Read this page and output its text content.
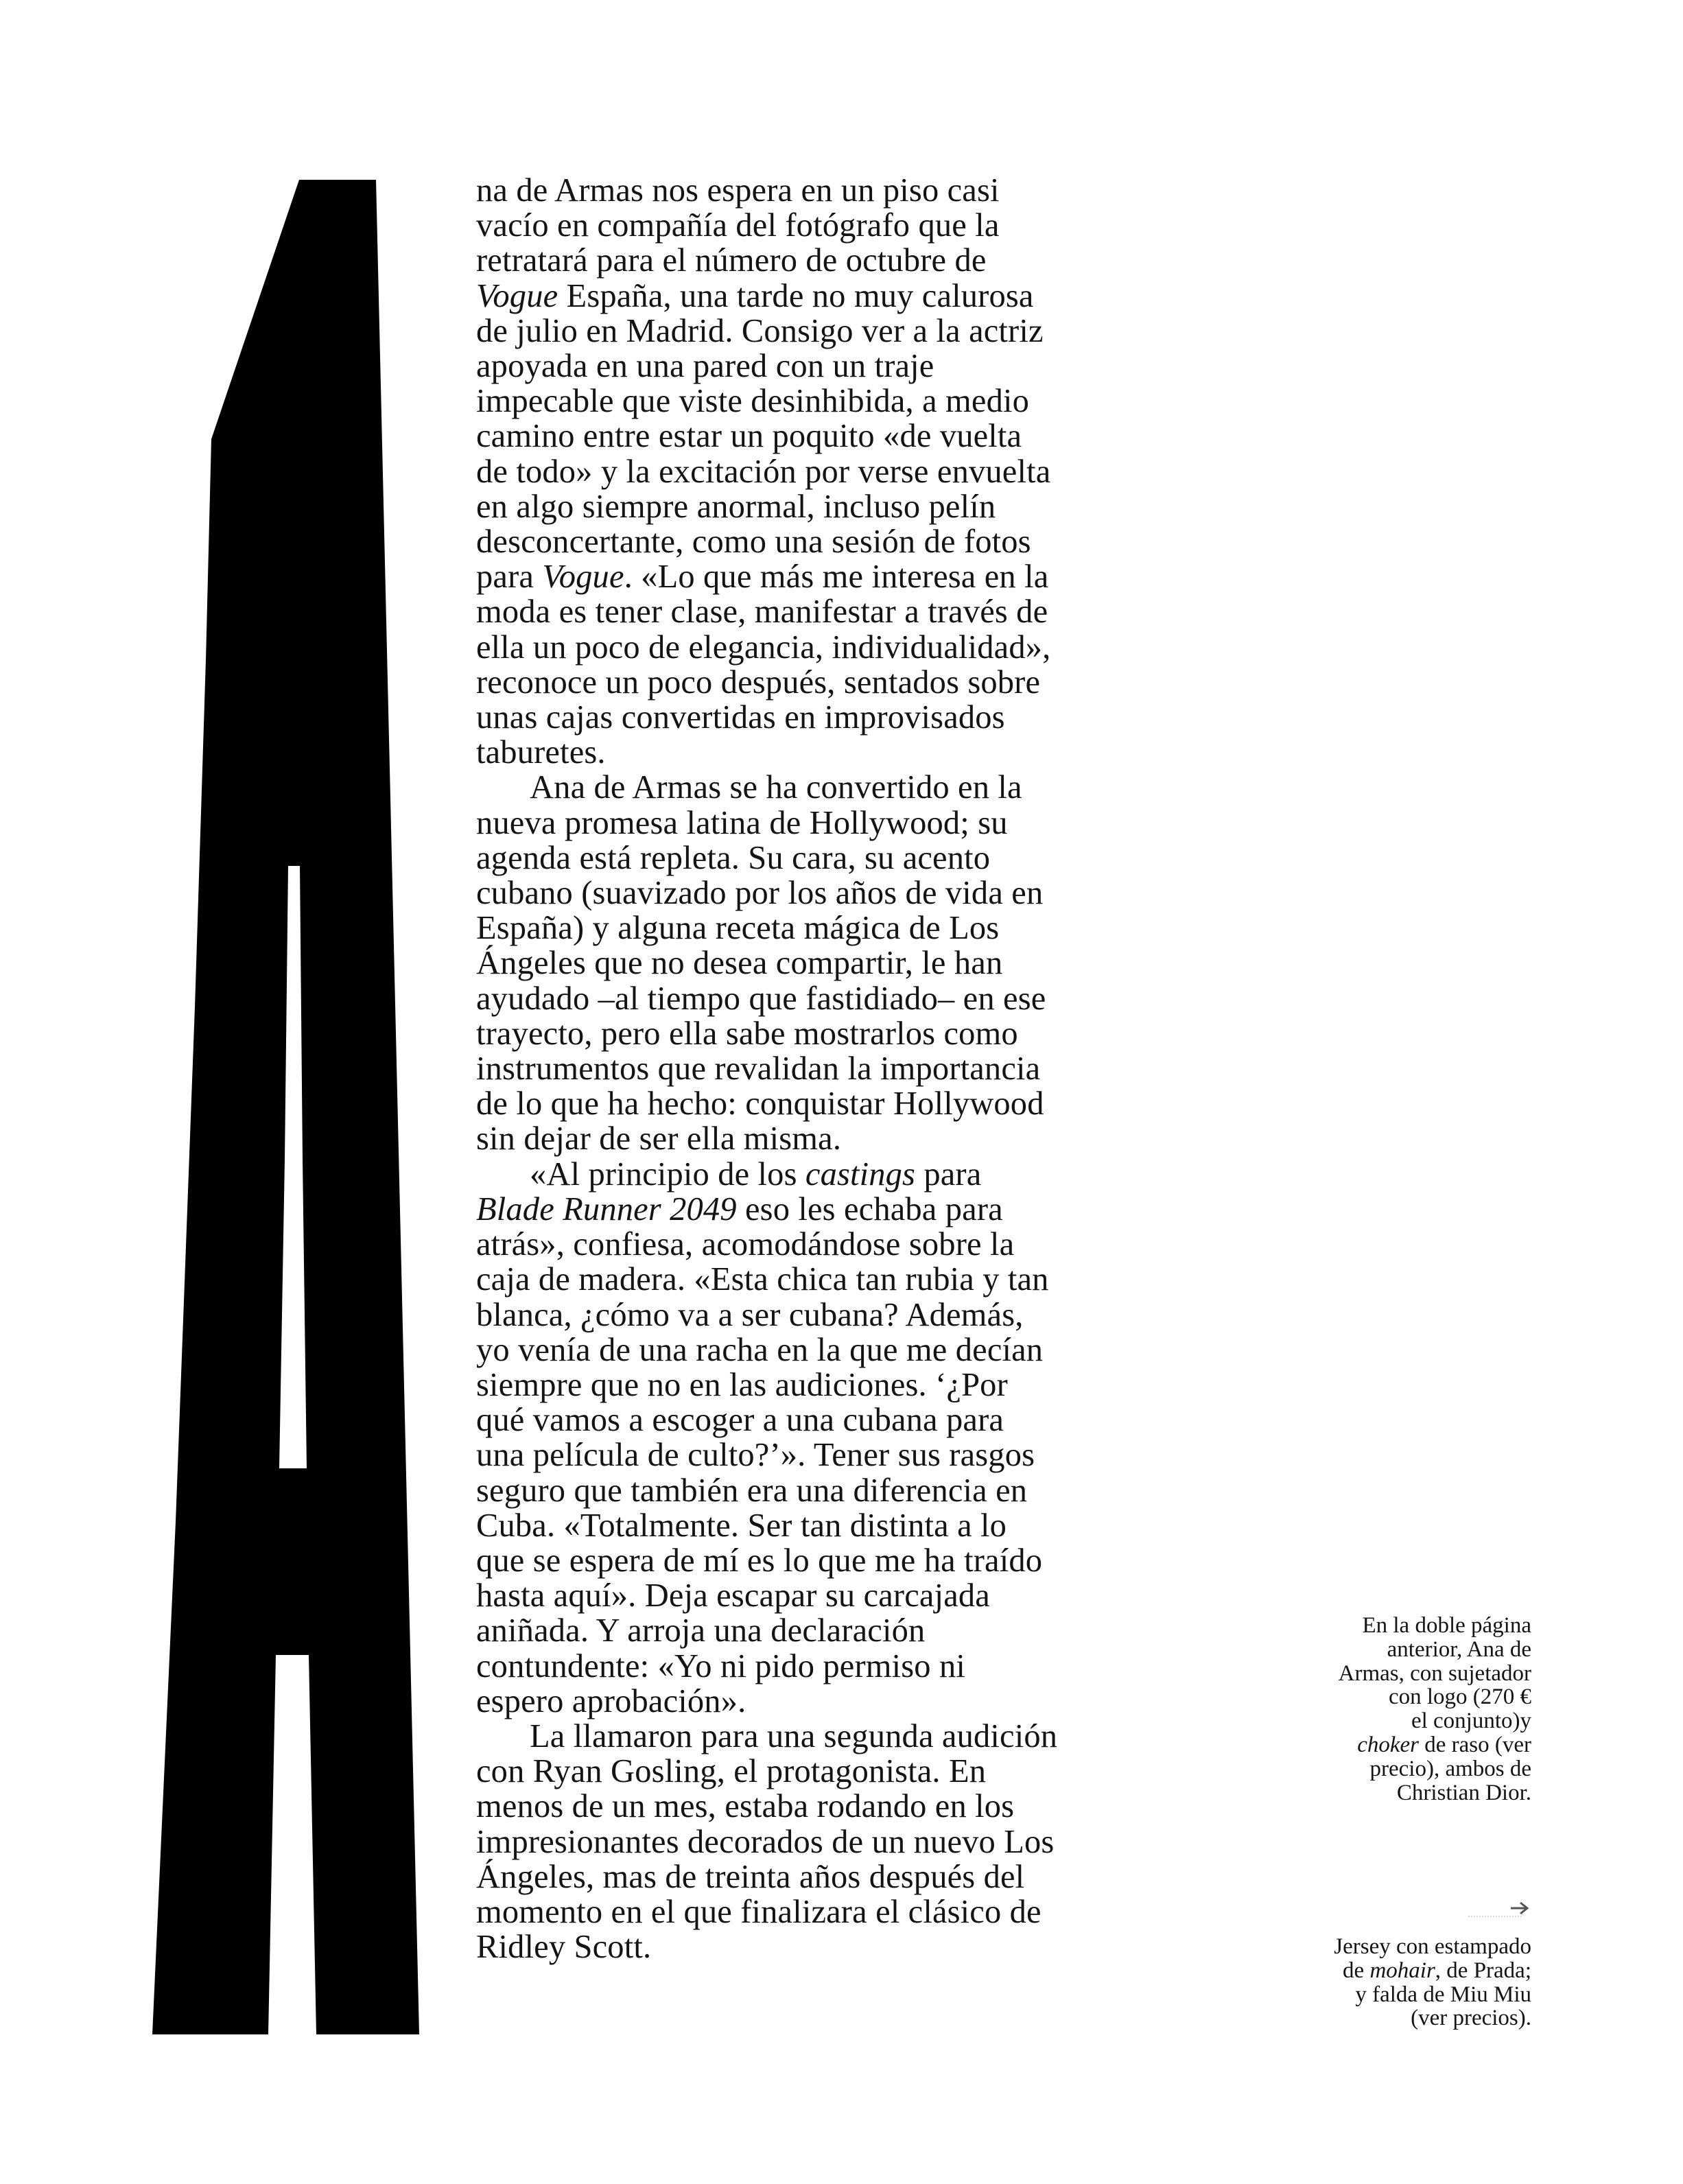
na de Armas nos espera en un piso casi vacío en compañía del fotógrafo que la retratará para el número de octubre de Vogue España, una tarde no muy calurosa de julio en Madrid. Consigo ver a la actriz apoyada en una pared con un traje impecable que viste desinhibida, a medio camino entre estar un poquito «de vuelta de todo» y la excitación por verse envuelta en algo siempre anormal, incluso pelín desconcertante, como una sesión de fotos para Vogue. «Lo que más me interesa en la moda es tener clase, manifestar a través de ella un poco de elegancia, individualidad», reconoce un poco después, sentados sobre unas cajas convertidas en improvisados taburetes.

Ana de Armas se ha convertido en la nueva promesa latina de Hollywood; su agenda está repleta. Su cara, su acento cubano (suavizado por los años de vida en España) y alguna receta mágica de Los Ángeles que no desea compartir, le han ayudado –al tiempo que fastidiado– en ese trayecto, pero ella sabe mostrarlos como instrumentos que revalidan la importancia de lo que ha hecho: conquistar Hollywood sin dejar de ser ella misma.

«Al principio de los castings para Blade Runner 2049 eso les echaba para atrás», confiesa, acomodándose sobre la caja de madera. «Esta chica tan rubia y tan blanca, ¿cómo va a ser cubana? Además, yo venía de una racha en la que me decían siempre que no en las audiciones. ‘¿Por qué vamos a escoger a una cubana para una película de culto?’». Tener sus rasgos seguro que también era una diferencia en Cuba. «Totalmente. Ser tan distinta a lo que se espera de mí es lo que me ha traído hasta aquí». Deja escapar su carcajada aniñada. Y arroja una declaración contundente: «Yo ni pido permiso ni espero aprobación».

La llamaron para una segunda audición con Ryan Gosling, el protagonista. En menos de un mes, estaba rodando en los impresionantes decorados de un nuevo Los Ángeles, mas de treinta años después del momento en el que finalizara el clásico de Ridley Scott.

En la doble página
anterior, Ana de
Armas, con sujetador
con logo (270 €
el conjunto)y
choker de raso (ver
precio), ambos de
Christian Dior.
Jersey con estampado
de mohair, de Prada;
y falda de Miu Miu
(ver precios).
